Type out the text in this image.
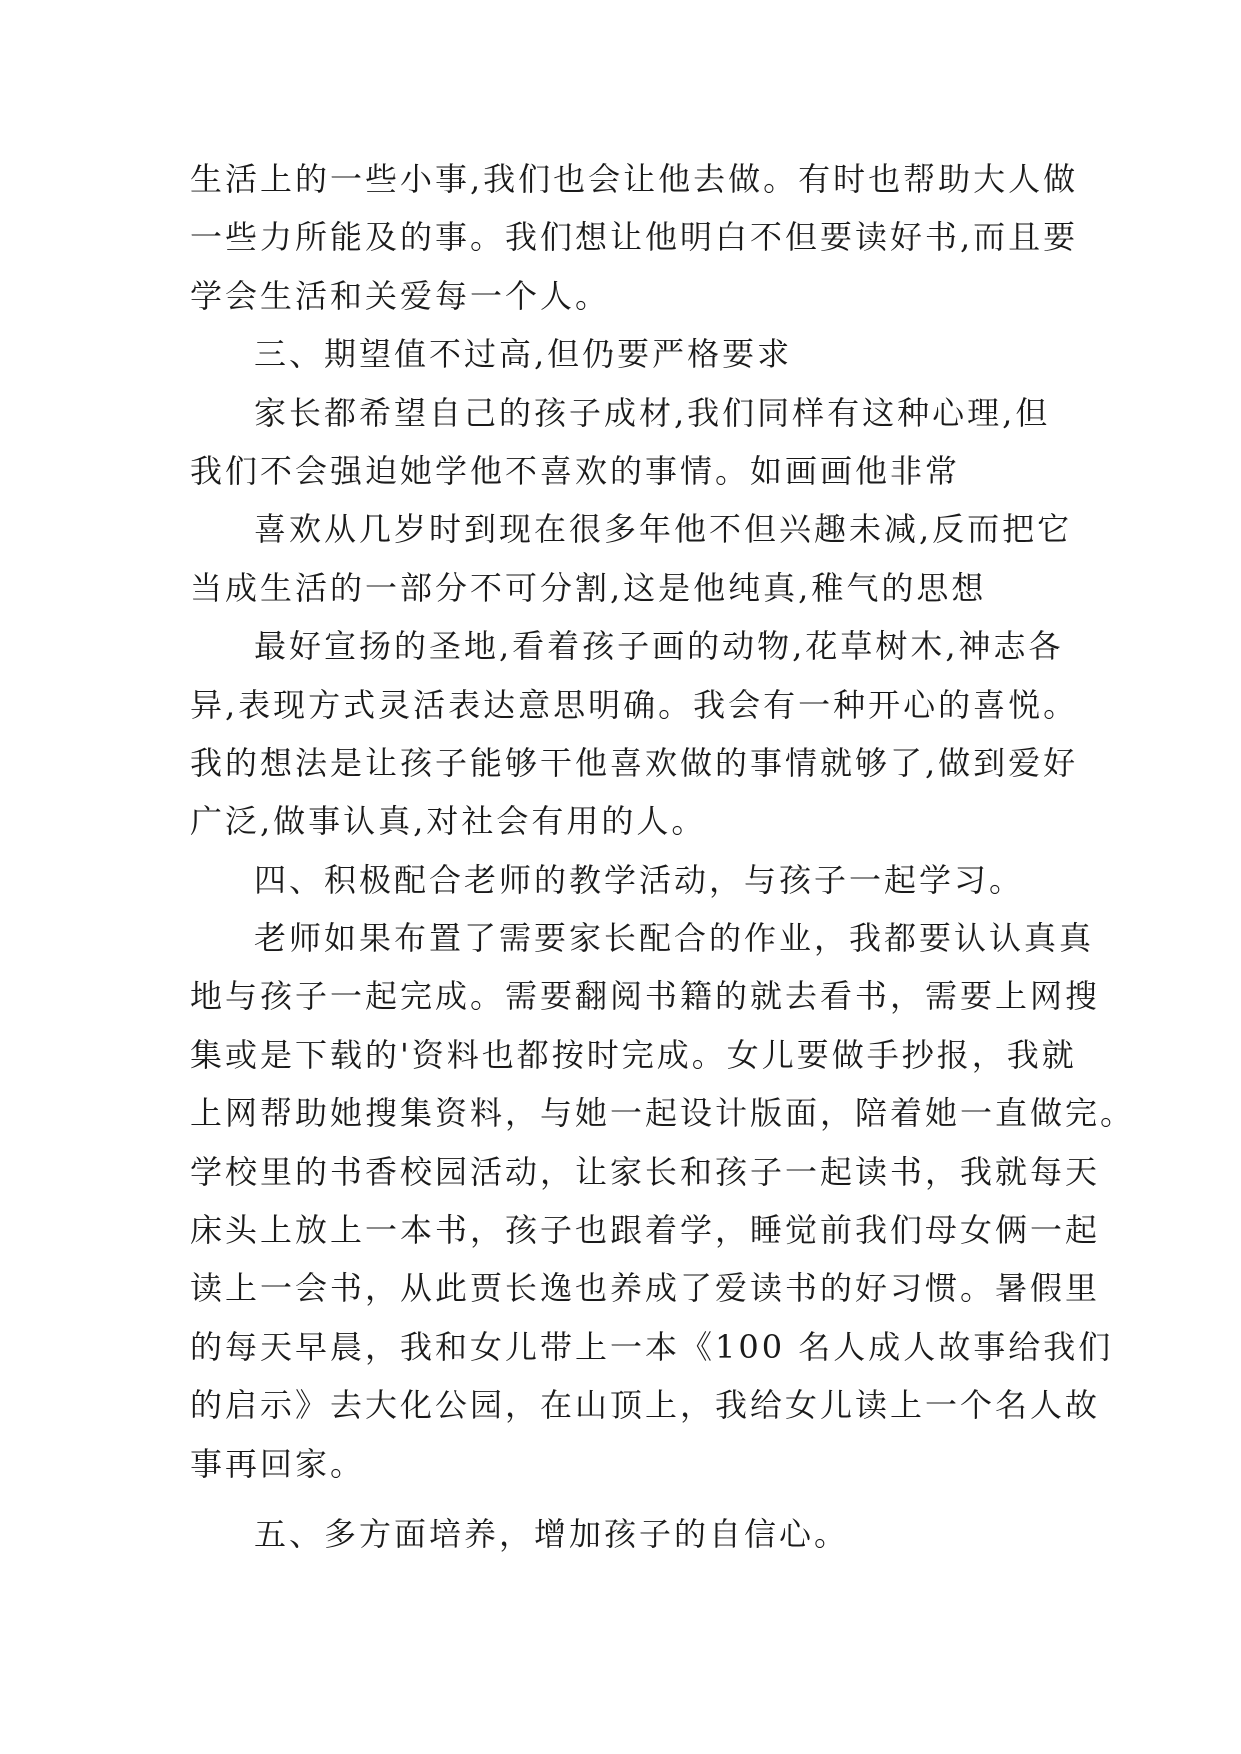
生活上的一些小事,我们也会让他去做。有时也帮助大人做
一些力所能及的事。我们想让他明白不但要读好书,而且要
学会生活和关爱每一个人。
三、期望值不过高,但仍要严格要求
家长都希望自己的孩子成材,我们同样有这种心理,但
我们不会强迫她学他不喜欢的事情。如画画他非常
喜欢从几岁时到现在很多年他不但兴趣未减,反而把它
当成生活的一部分不可分割,这是他纯真,稚气的思想
最好宣扬的圣地,看着孩子画的动物,花草树木,神志各
异,表现方式灵活表达意思明确。我会有一种开心的喜悦。
我的想法是让孩子能够干他喜欢做的事情就够了,做到爱好
广泛,做事认真,对社会有用的人。
四、积极配合老师的教学活动，与孩子一起学习。
老师如果布置了需要家长配合的作业，我都要认认真真
地与孩子一起完成。需要翻阅书籍的就去看书，需要上网搜
集或是下载的'资料也都按时完成。女儿要做手抄报，我就
上网帮助她搜集资料，与她一起设计版面，陪着她一直做完。
学校里的书香校园活动，让家长和孩子一起读书，我就每天
床头上放上一本书，孩子也跟着学，睡觉前我们母女俩一起
读上一会书，从此贾长逸也养成了爱读书的好习惯。暑假里
的每天早晨，我和女儿带上一本《100 名人成人故事给我们
的启示》去大化公园，在山顶上，我给女儿读上一个名人故
事再回家。
五、多方面培养，增加孩子的自信心。
